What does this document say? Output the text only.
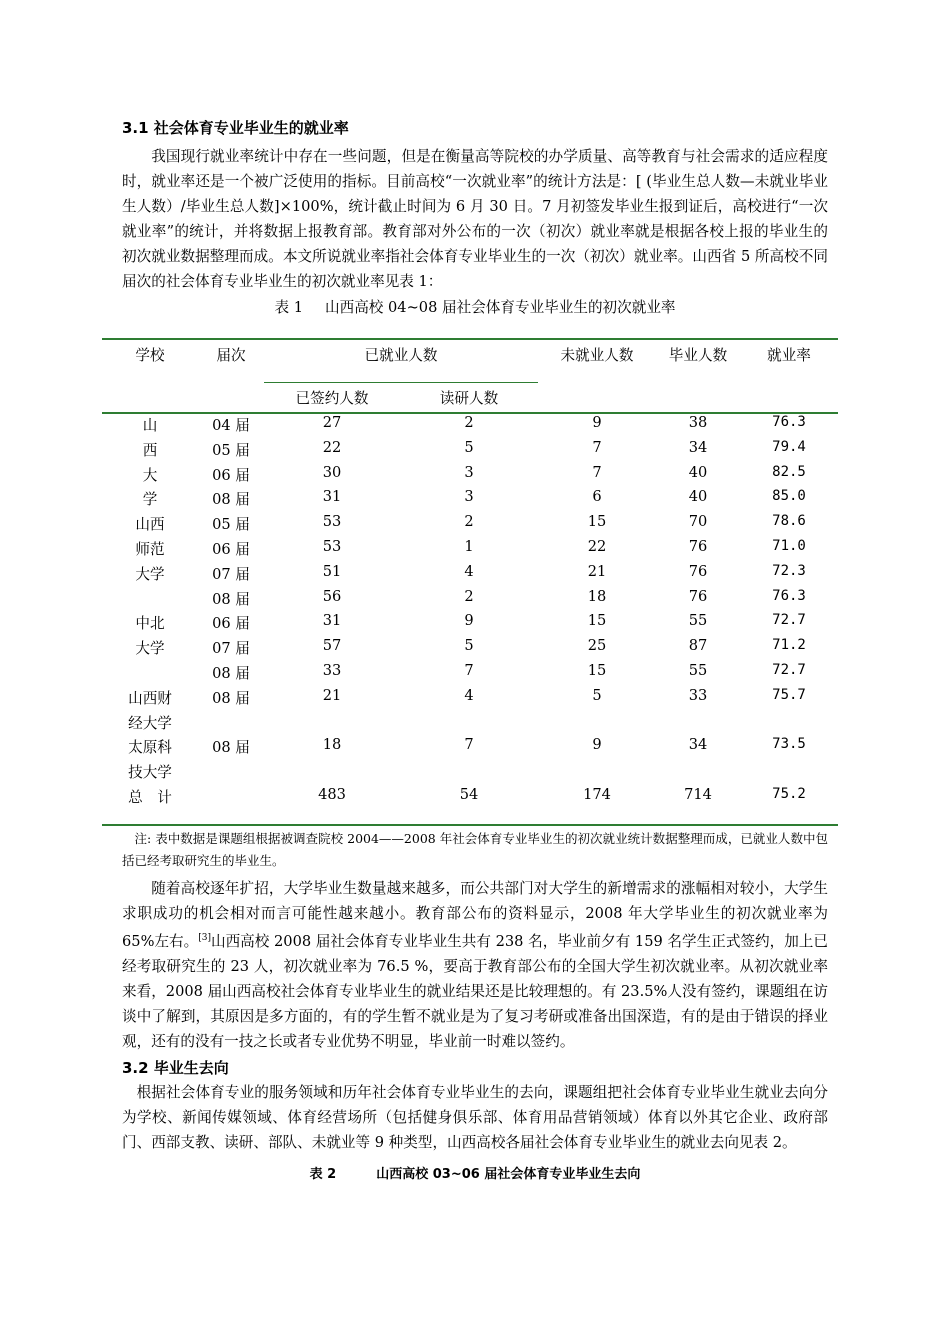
3.1 社会体育专业毕业生的就业率

我国现行就业率统计中存在一些问题，但是在衡量高等院校的办学质量、高等教育与社会需求的适应程度时，就业率还是一个被广泛使用的指标。目前高校“一次就业率”的统计方法是：[ (毕业生总人数—未就业毕业生人数）/毕业生总人数]×100%，统计截止时间为 6 月 30 日。7 月初签发毕业生报到证后，高校进行“一次就业率”的统计，并将数据上报教育部。教育部对外公布的一次（初次）就业率就是根据各校上报的毕业生的初次就业数据整理而成。本文所说就业率指社会体育专业毕业生的一次（初次）就业率。山西省 5 所高校不同届次的社会体育专业毕业生的初次就业率见表 1：

表 1 山西高校 04~08 届社会体育专业毕业生的初次就业率

学校	届次	已就业人数		未就业人数	毕业人数	就业率

		已签约人数	读研人数			
山	04 届	27	2	9	38	76.3
西	05 届	22	5	7	34	79.4
大	06 届	30	3	7	40	82.5
学	08 届	31	3	6	40	85.0
山西	05 届	53	2	15	70	78.6
师范	06 届	53	1	22	76	71.0
大学	07 届	51	4	21	76	72.3
	08 届	56	2	18	76	76.3
中北	06 届	31	9	15	55	72.7
大学	07 届	57	5	25	87	71.2
	08 届	33	7	15	55	72.7
山西财	08 届	21	4	5	33	75.7
经大学						
太原科	08 届	18	7	9	34	73.5
技大学						
总　计		483	54	174	714	75.2

注: 表中数据是课题组根据被调查院校 2004——2008 年社会体育专业毕业生的初次就业统计数据整理而成，已就业人数中包括已经考取研究生的毕业生。

随着高校逐年扩招，大学毕业生数量越来越多，而公共部门对大学生的新增需求的涨幅相对较小，大学生求职成功的机会相对而言可能性越来越小。教育部公布的资料显示，2008 年大学毕业生的初次就业率为 65%左右。[3]山西高校 2008 届社会体育专业毕业生共有 238 名，毕业前夕有 159 名学生正式签约，加上已经考取研究生的 23 人，初次就业率为 76.5 %，要高于教育部公布的全国大学生初次就业率。从初次就业率来看，2008 届山西高校社会体育专业毕业生的就业结果还是比较理想的。有 23.5%人没有签约，课题组在访谈中了解到，其原因是多方面的，有的学生暂不就业是为了复习考研或准备出国深造，有的是由于错误的择业观，还有的没有一技之长或者专业优势不明显，毕业前一时难以签约。

3.2 毕业生去向

根据社会体育专业的服务领域和历年社会体育专业毕业生的去向，课题组把社会体育专业毕业生就业去向分为学校、新闻传媒领域、体育经营场所（包括健身俱乐部、体育用品营销领域）体育以外其它企业、政府部门、西部支教、读研、部队、未就业等 9 种类型，山西高校各届社会体育专业毕业生的就业去向见表 2。

表 2	山西高校 03~06 届社会体育专业毕业生去向
